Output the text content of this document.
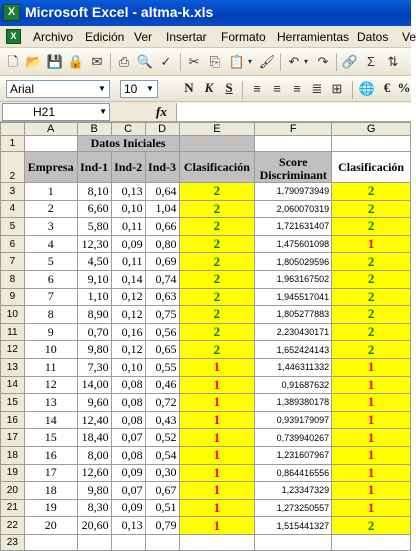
X Microsoft Excel - altma-k.xls
X	Archivo Edición Ver Insertar Formato Herramientas Datos Ve
🗋 📂 💾 🔒 ✉ ⎙ 🔍 ✓ ✂ ⎘ 📋 ▾ 🖌 ↶ ▾ ↷ 🔗 Σ ⇅
Arial	▼	10 ▼	N K S	≡ ≡ ≡ ≣ ⊞ 🌐 € %
H21	▼	fx
	A	B	C	D	E	F	G
1		Datos Iniciales					
2	Empresa	Ind-1	Ind-2	Ind-3	Clasificación	Score Discriminant	Clasificación
3	1	8,10	0,13	0,64	2	1,790973949	2
4	2	6,60	0,10	1,04	2	2,060070319	2
5	3	5,80	0,11	0,66	2	1,721631407	2
6	4	12,30	0,09	0,80	2	1,475601098	1
7	5	4,50	0,11	0,69	2	1,805029596	2
8	6	9,10	0,14	0,74	2	1,963167502	2
9	7	1,10	0,12	0,63	2	1,945517041	2
10	8	8,90	0,12	0,75	2	1,805277883	2
11	9	0,70	0,16	0,56	2	2,230430171	2
12	10	9,80	0,12	0,65	2	1,652424143	2
13	11	7,30	0,10	0,55	1	1,446311332	1
14	12	14,00	0,08	0,46	1	0,91687632	1
15	13	9,60	0,08	0,72	1	1,389380178	1
16	14	12,40	0,08	0,43	1	0,939179097	1
17	15	18,40	0,07	0,52	1	0,739940267	1
18	16	8,00	0,08	0,54	1	1,231607967	1
19	17	12,60	0,09	0,30	1	0,864416556	1
20	18	9,80	0,07	0,67	1	1,23347329	1
21	19	8,30	0,09	0,51	1	1,273250557	1
22	20	20,60	0,13	0,79	1	1,515441327	2
23							
